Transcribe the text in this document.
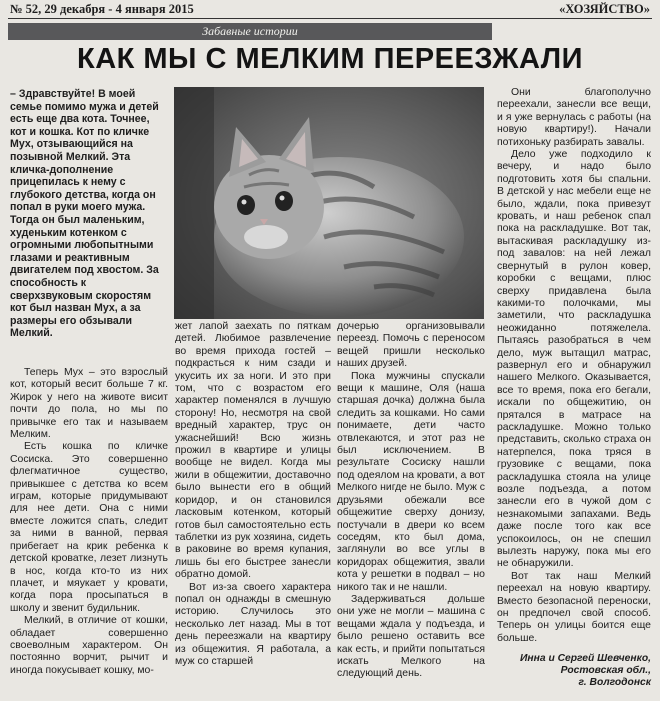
№ 52, 29 декабря - 4 января 2015	«ХОЗЯЙСТВО»
Забавные истории
КАК МЫ С МЕЛКИМ ПЕРЕЕЗЖАЛИ

– Здравствуйте! В моей семье помимо мужа и детей есть еще два кота. Точнее, кот и кошка. Кот по кличке Мух, отзывающийся на позывной Мелкий. Эта кличка-дополнение прицепилась к нему с глубокого детства, когда он попал в руки моего мужа. Тогда он был маленьким, худеньким котенком с огромными любопытными глазами и реактивным двигателем под хвостом. За способность к сверхзвуковым скоростям кот был назван Мух, а за размеры его обзывали Мелкий.

Теперь Мух – это взрослый кот, который весит больше 7 кг. Жирок у него на животе висит почти до пола, но мы по привычке его так и называем Мелким.

Есть кошка по кличке Сосиска. Это совершенно флегматичное существо, привыкшее с детства ко всем играм, которые придумывают для нее дети. Она с ними вместе ложится спать, следит за ними в ванной, первая прибегает на крик ребенка к детской кроватке, лезет лизнуть в нос, когда кто-то из них плачет, и мяукает у кровати, когда пора просыпаться в школу и звенит будильник.

Мелкий, в отличие от кошки, обладает совершенно своеволным характером. Он постоянно ворчит, рычит и иногда покусывает кошку, мо-

жет лапой заехать по пяткам детей. Любимое развлечение во время прихода гостей – подкрасться к ним сзади и укусить их за ноги. И это при том, что с возрастом его характер поменялся в лучшую сторону! Но, несмотря на свой вредный характер, трус он ужаснейший! Всю жизнь прожил в квартире и улицы вообще не видел. Когда мы жили в общежитии, доставочно было вынести его в общий коридор, и он становился ласковым котенком, который готов был самостоятельно есть таблетки из рук хозяина, сидеть в раковине во время купания, лишь бы его быстрее занесли обратно домой.

Вот из-за своего характера попал он однажды в смешную историю. Случилось это несколько лет назад. Мы в тот день переезжали на квартиру из общежития. Я работала, а муж со старшей

дочерью организовывали переезд. Помочь с переносом вещей пришли несколько наших друзей.

Пока мужчины спускали вещи к машине, Оля (наша старшая дочка) должна была следить за кошками. Но сами понимаете, дети часто отвлекаются, и этот раз не был исключением. В результате Сосиску нашли под одеялом на кровати, а вот Мелкого нигде не было. Муж с друзьями обежали все общежитие сверху донизу, постучали в двери ко всем соседям, кто был дома, заглянули во все углы в коридорах общежития, звали кота у решетки в подвал – но никого так и не нашли.

Задерживаться дольше они уже не могли – машина с вещами ждала у подъезда, и было решено оставить все как есть, и прийти попытаться искать Мелкого на следующий день.

Они благополучно переехали, занесли все вещи, и я уже вернулась с работы (на новую квартиру!). Начали потихоньку разбирать завалы.

Дело уже подходило к вечеру, и надо было подготовить хотя бы спальни. В детской у нас мебели еще не было, ждали, пока привезут кровать, и наш ребенок спал пока на раскладушке. Вот так, вытаскивая раскладушку из-под завалов: на ней лежал свернутый в рулон ковер, коробки с вещами, плюс сверху придавлена была какими-то полочками, мы заметили, что раскладушка неожиданно потяжелела. Пытаясь разобраться в чем дело, муж вытащил матрас, развернул его и обнаружил нашего Мелкого. Оказывается, все то время, пока его бегали, искали по общежитию, он прятался в матрасе на раскладушке. Можно только представить, сколько страха он натерпелся, пока тряся в грузовике с вещами, пока раскладушка стояла на улице возле подъезда, а потом занесли его в чужой дом с незнакомыми запахами. Ведь даже после того как все успокоилось, он не спешил вылезть наружу, пока мы его не обнаружили.

Вот так наш Мелкий переехал на новую квартиру. Вместо безопасной переноски, он предпочел свой способ. Теперь он улицы боится еще больше.

Инна и Сергей Шевченко,
Ростовская обл.,
г. Волгодонск
